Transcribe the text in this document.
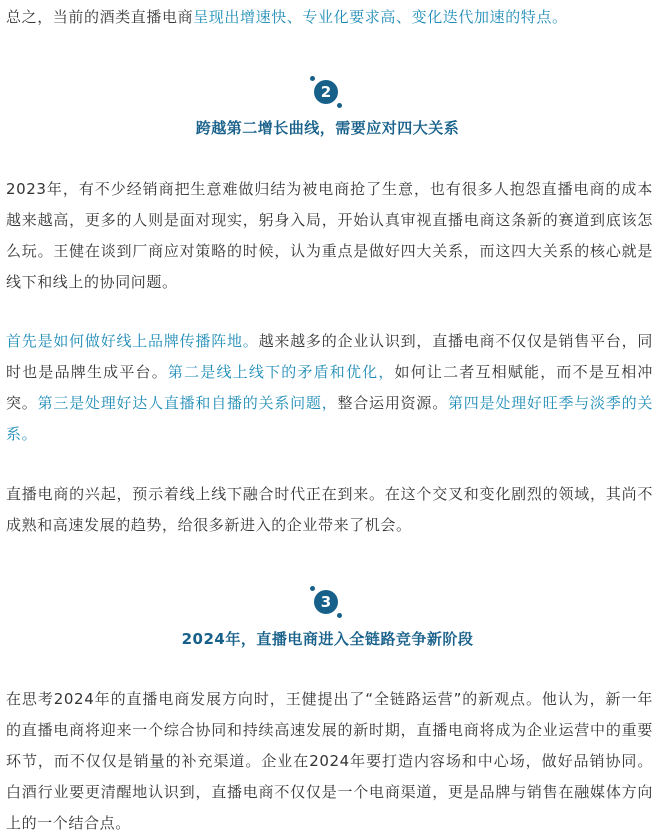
总之，当前的酒类直播电商呈现出增速快、专业化要求高、变化迭代加速的特点。

2
跨越第二增长曲线，需要应对四大关系

2023年，有不少经销商把生意难做归结为被电商抢了生意，也有很多人抱怨直播电商的成本越来越高，更多的人则是面对现实，躬身入局，开始认真审视直播电商这条新的赛道到底该怎么玩。王健在谈到厂商应对策略的时候，认为重点是做好四大关系，而这四大关系的核心就是线下和线上的协同问题。

首先是如何做好线上品牌传播阵地。越来越多的企业认识到，直播电商不仅仅是销售平台，同时也是品牌生成平台。第二是线上线下的矛盾和优化，如何让二者互相赋能，而不是互相冲突。第三是处理好达人直播和自播的关系问题，整合运用资源。第四是处理好旺季与淡季的关系。

直播电商的兴起，预示着线上线下融合时代正在到来。在这个交叉和变化剧烈的领域，其尚不成熟和高速发展的趋势，给很多新进入的企业带来了机会。

3
2024年，直播电商进入全链路竞争新阶段

在思考2024年的直播电商发展方向时，王健提出了“全链路运营”的新观点。他认为，新一年的直播电商将迎来一个综合协同和持续高速发展的新时期，直播电商将成为企业运营中的重要环节，而不仅仅是销量的补充渠道。企业在2024年要打造内容场和中心场，做好品销协同。白酒行业要更清醒地认识到，直播电商不仅仅是一个电商渠道，更是品牌与销售在融媒体方向上的一个结合点。
